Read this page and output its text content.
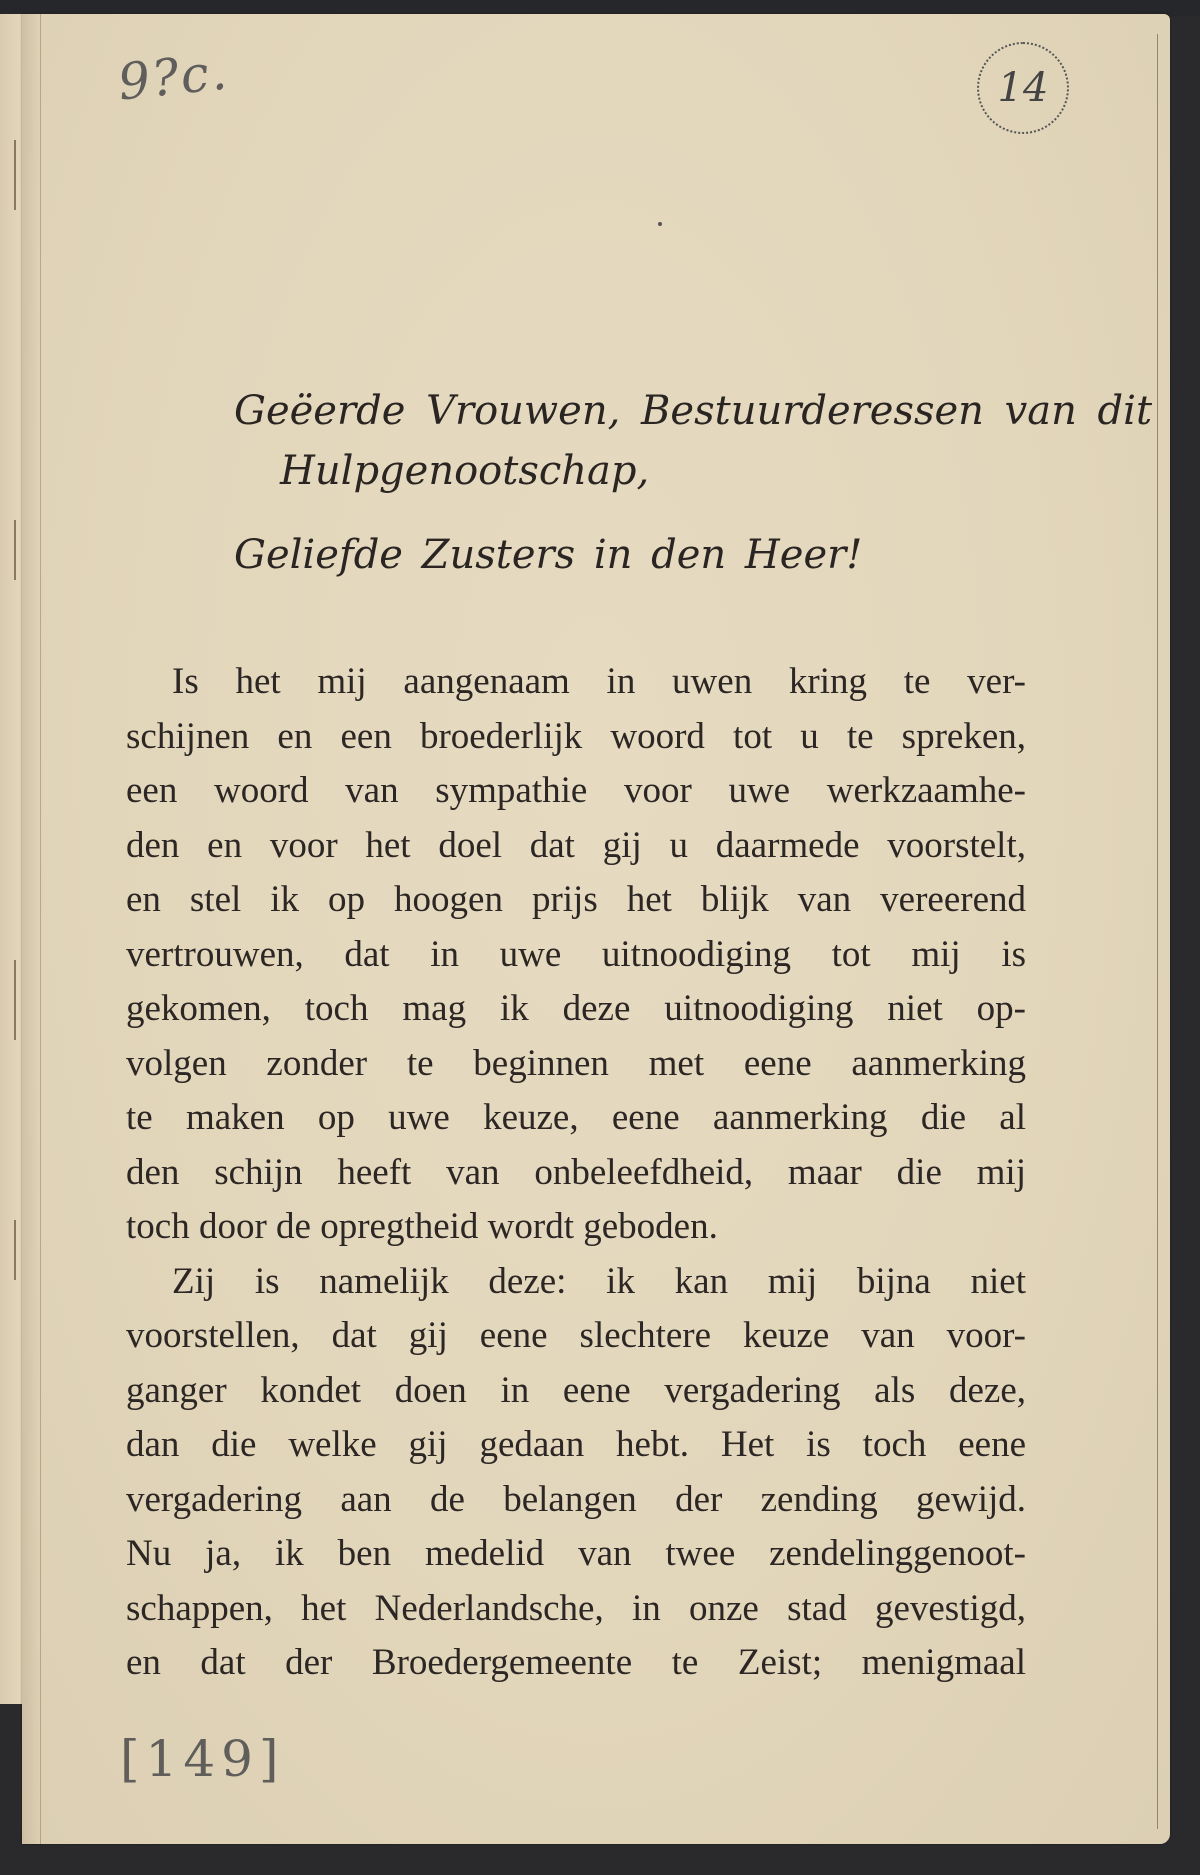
9?c.	14
Geëerde Vrouwen, Bestuurderessen van dit
Hulpgenootschap,
Geliefde Zusters in den Heer!
Is het mij aangenaam in uwen kring te ver-
schijnen en een broederlijk woord tot u te spreken,
een woord van sympathie voor uwe werkzaamhe-
den en voor het doel dat gij u daarmede voorstelt,
en stel ik op hoogen prijs het blijk van vereerend
vertrouwen, dat in uwe uitnoodiging tot mij is
gekomen, toch mag ik deze uitnoodiging niet op-
volgen zonder te beginnen met eene aanmerking
te maken op uwe keuze, eene aanmerking die al
den schijn heeft van onbeleefdheid, maar die mij
toch door de opregtheid wordt geboden.
Zij is namelijk deze: ik kan mij bijna niet
voorstellen, dat gij eene slechtere keuze van voor-
ganger kondet doen in eene vergadering als deze,
dan die welke gij gedaan hebt. Het is toch eene
vergadering aan de belangen der zending gewijd.
Nu ja, ik ben medelid van twee zendelinggenoot-
schappen, het Nederlandsche, in onze stad gevestigd,
en dat der Broedergemeente te Zeist; menigmaal
[149]
